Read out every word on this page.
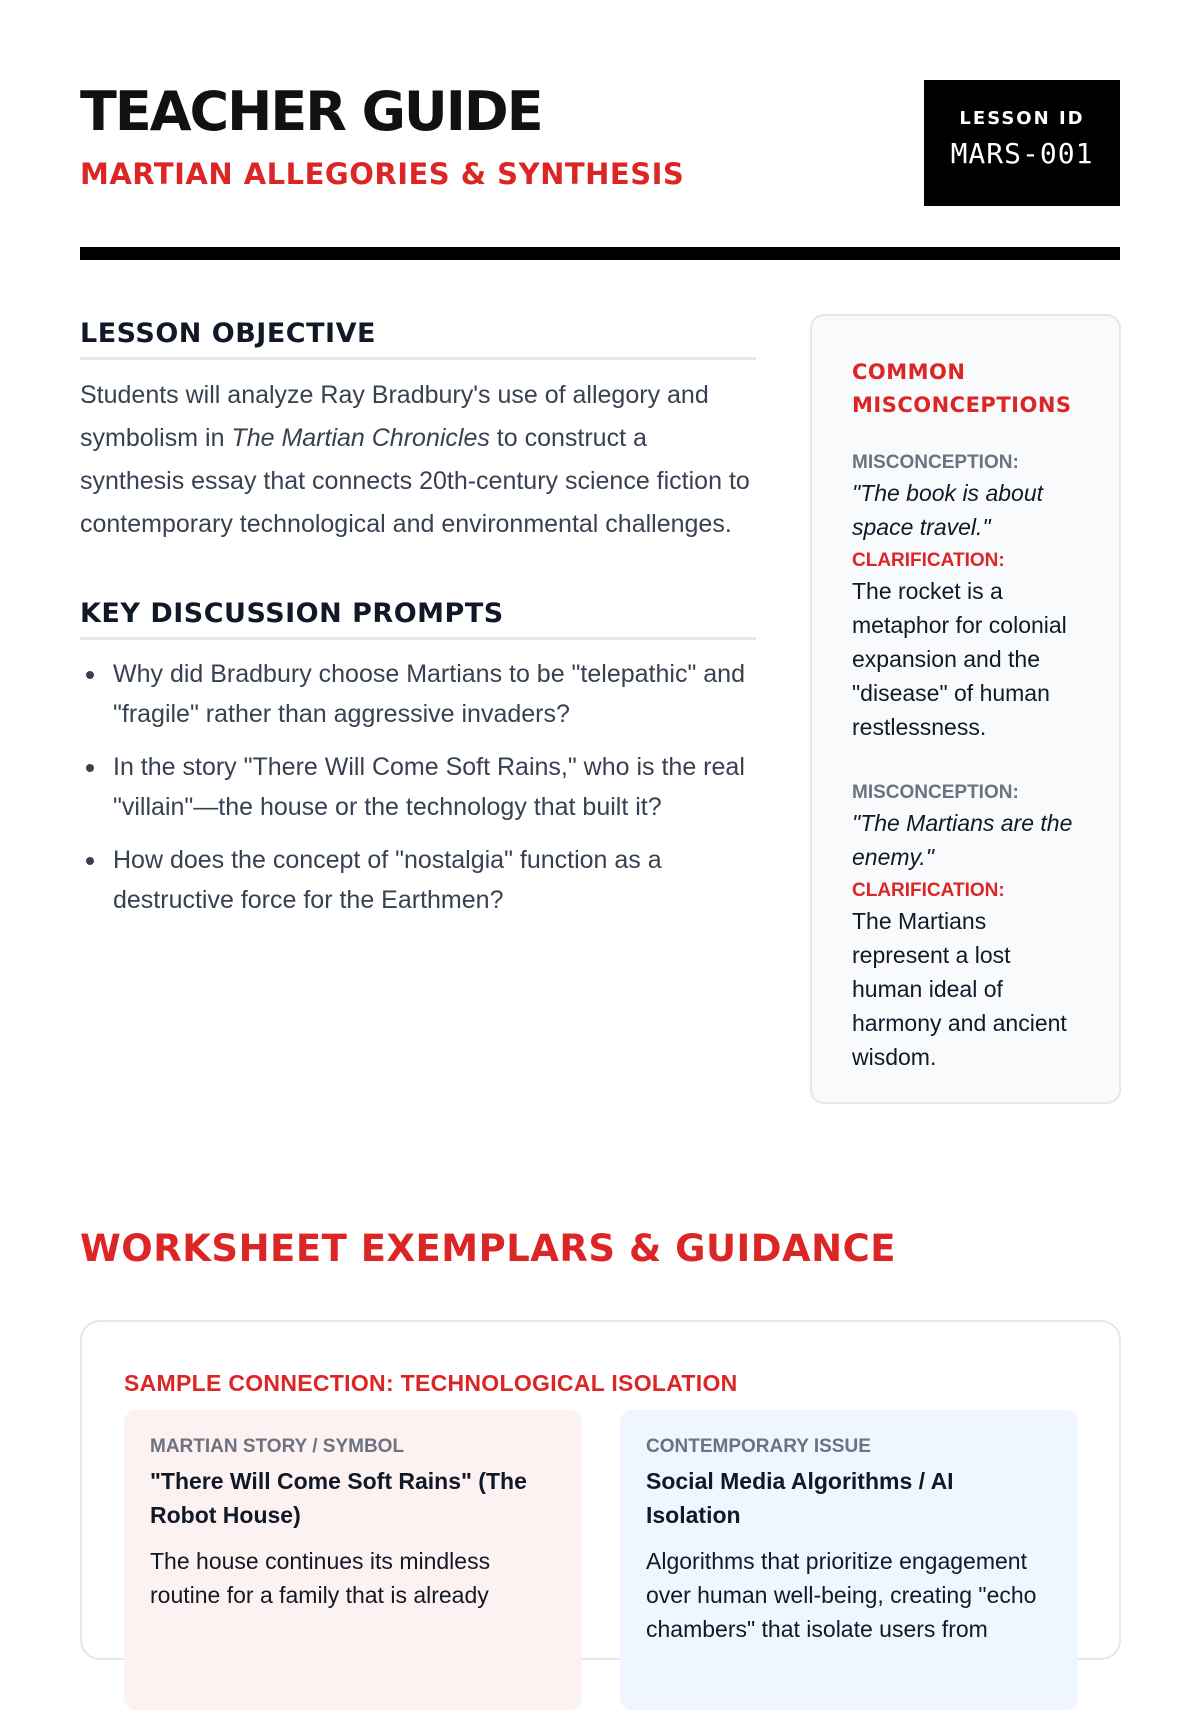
TEACHER GUIDE
MARTIAN ALLEGORIES & SYNTHESIS
LESSON ID
MARS-001
LESSON OBJECTIVE

Students will analyze Ray Bradbury's use of allegory and symbolism in The Martian Chronicles to construct a synthesis essay that connects 20th-century science fiction to contemporary technological and environmental challenges.

KEY DISCUSSION PROMPTS
Why did Bradbury choose Martians to be "telepathic" and "fragile" rather than aggressive invaders?
In the story "There Will Come Soft Rains," who is the real "villain"—the house or the technology that built it?
How does the concept of "nostalgia" function as a destructive force for the Earthmen?
COMMON MISCONCEPTIONS
MISCONCEPTION:
"The book is about space travel."
CLARIFICATION:
The rocket is a metaphor for colonial expansion and the "disease" of human restlessness.
MISCONCEPTION:
"The Martians are the enemy."
CLARIFICATION:
The Martians represent a lost human ideal of harmony and ancient wisdom.
WORKSHEET EXEMPLARS & GUIDANCE
SAMPLE CONNECTION: TECHNOLOGICAL ISOLATION
MARTIAN STORY / SYMBOL
"There Will Come Soft Rains" (The Robot House)
The house continues its mindless routine for a family that is already
CONTEMPORARY ISSUE
Social Media Algorithms / AI Isolation
Algorithms that prioritize engagement over human well-being, creating "echo chambers" that isolate users from
